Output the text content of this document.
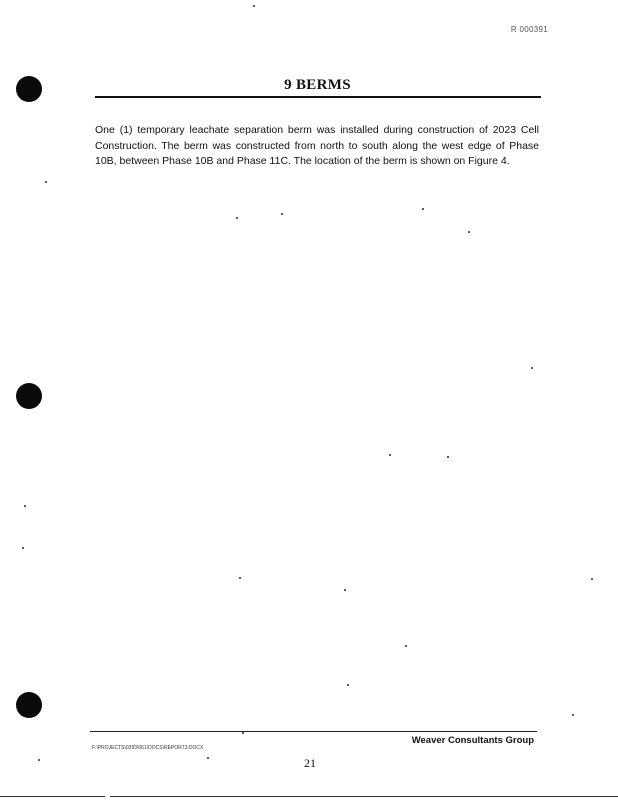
R 000391
9 BERMS
One (1) temporary leachate separation berm was installed during construction of 2023 Cell Construction. The berm was constructed from north to south along the west edge of Phase 10B, between Phase 10B and Phase 11C. The location of the berm is shown on Figure 4.
Weaver Consultants Group
F:\PROJECTS\0393\061\DOCS\REPORT3.DOCX
21
